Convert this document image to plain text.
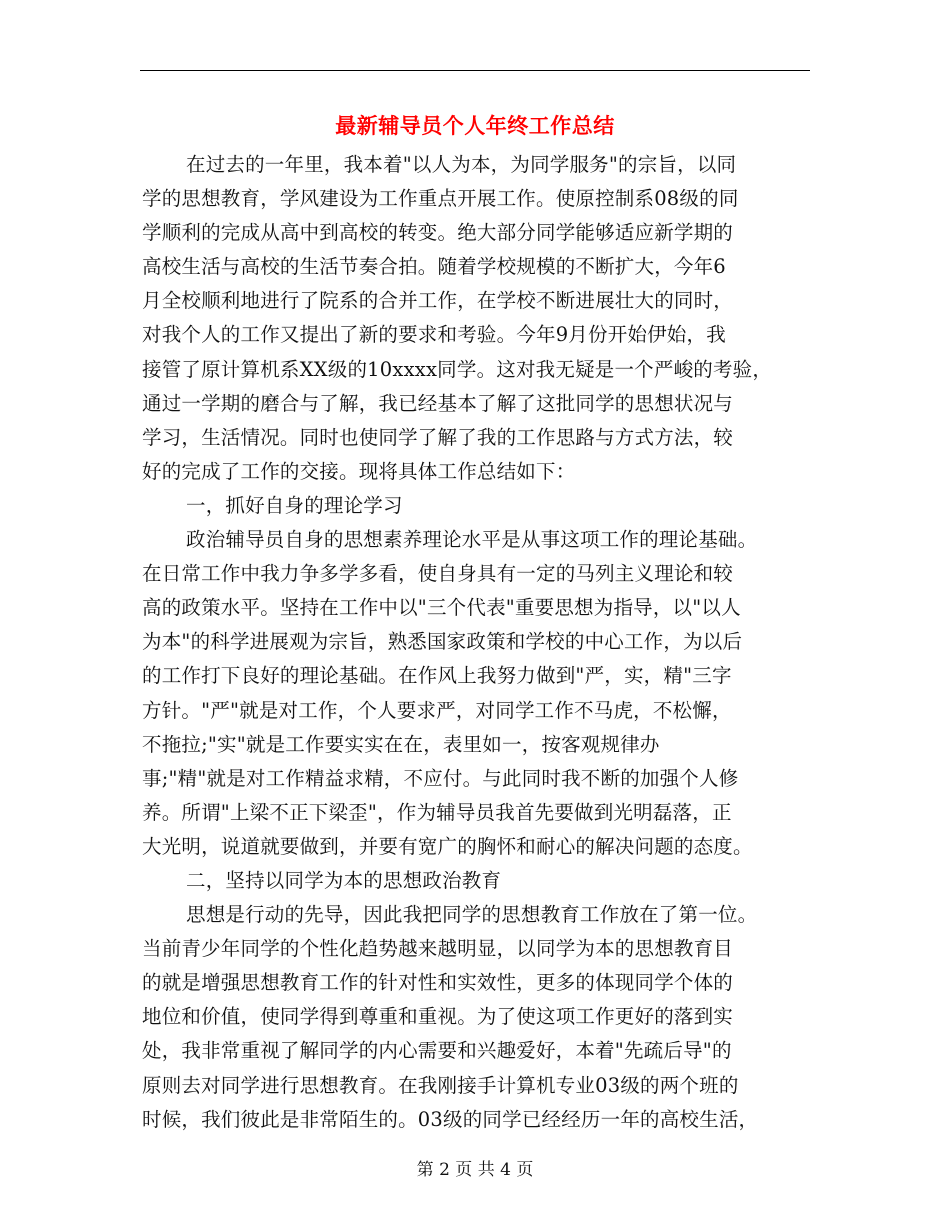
最新辅导员个人年终工作总结
在过去的一年里，我本着"以人为本，为同学服务"的宗旨，以同
学的思想教育，学风建设为工作重点开展工作。使原控制系08级的同
学顺利的完成从高中到高校的转变。绝大部分同学能够适应新学期的
高校生活与高校的生活节奏合拍。随着学校规模的不断扩大，今年6
月全校顺利地进行了院系的合并工作，在学校不断进展壮大的同时，
对我个人的工作又提出了新的要求和考验。今年9月份开始伊始，我
接管了原计算机系XX级的10xxxx同学。这对我无疑是一个严峻的考验，
通过一学期的磨合与了解，我已经基本了解了这批同学的思想状况与
学习，生活情况。同时也使同学了解了我的工作思路与方式方法，较
好的完成了工作的交接。现将具体工作总结如下：
一，抓好自身的理论学习
政治辅导员自身的思想素养理论水平是从事这项工作的理论基础。
在日常工作中我力争多学多看，使自身具有一定的马列主义理论和较
高的政策水平。坚持在工作中以"三个代表"重要思想为指导，以"以人
为本"的科学进展观为宗旨，熟悉国家政策和学校的中心工作，为以后
的工作打下良好的理论基础。在作风上我努力做到"严，实，精"三字
方针。"严"就是对工作，个人要求严，对同学工作不马虎，不松懈，
不拖拉;"实"就是工作要实实在在，表里如一，按客观规律办
事;"精"就是对工作精益求精，不应付。与此同时我不断的加强个人修
养。所谓"上梁不正下梁歪"，作为辅导员我首先要做到光明磊落，正
大光明，说道就要做到，并要有宽广的胸怀和耐心的解决问题的态度。
二，坚持以同学为本的思想政治教育
思想是行动的先导，因此我把同学的思想教育工作放在了第一位。
当前青少年同学的个性化趋势越来越明显，以同学为本的思想教育目
的就是增强思想教育工作的针对性和实效性，更多的体现同学个体的
地位和价值，使同学得到尊重和重视。为了使这项工作更好的落到实
处，我非常重视了解同学的内心需要和兴趣爱好，本着"先疏后导"的
原则去对同学进行思想教育。在我刚接手计算机专业03级的两个班的
时候，我们彼此是非常陌生的。03级的同学已经经历一年的高校生活，
第 2 页 共 4 页
